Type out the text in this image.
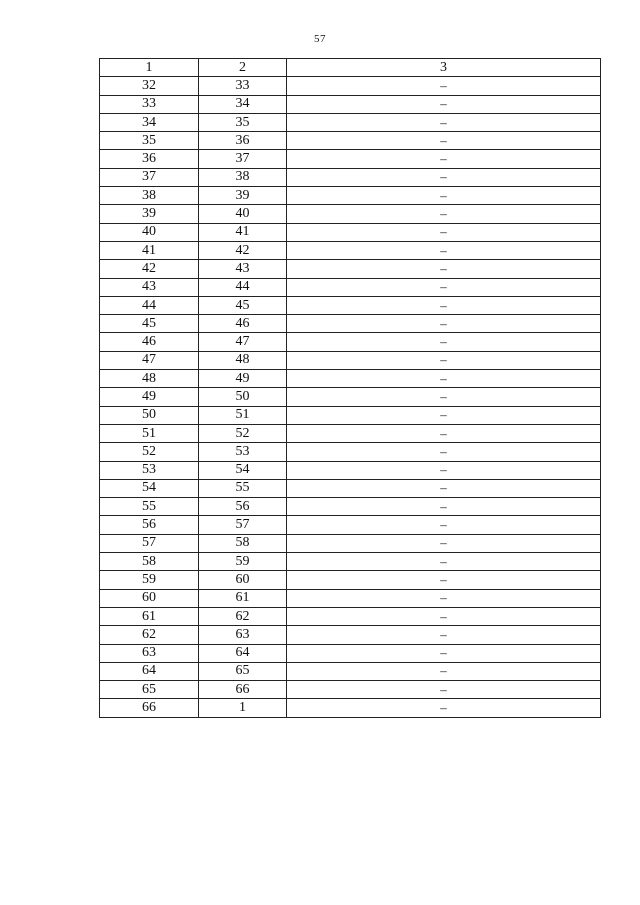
57
1	2	3
32	33	–
33	34	–
34	35	–
35	36	–
36	37	–
37	38	–
38	39	–
39	40	–
40	41	–
41	42	–
42	43	–
43	44	–
44	45	–
45	46	–
46	47	–
47	48	–
48	49	–
49	50	–
50	51	–
51	52	–
52	53	–
53	54	–
54	55	–
55	56	–
56	57	–
57	58	–
58	59	–
59	60	–
60	61	–
61	62	–
62	63	–
63	64	–
64	65	–
65	66	–
66	1	–
